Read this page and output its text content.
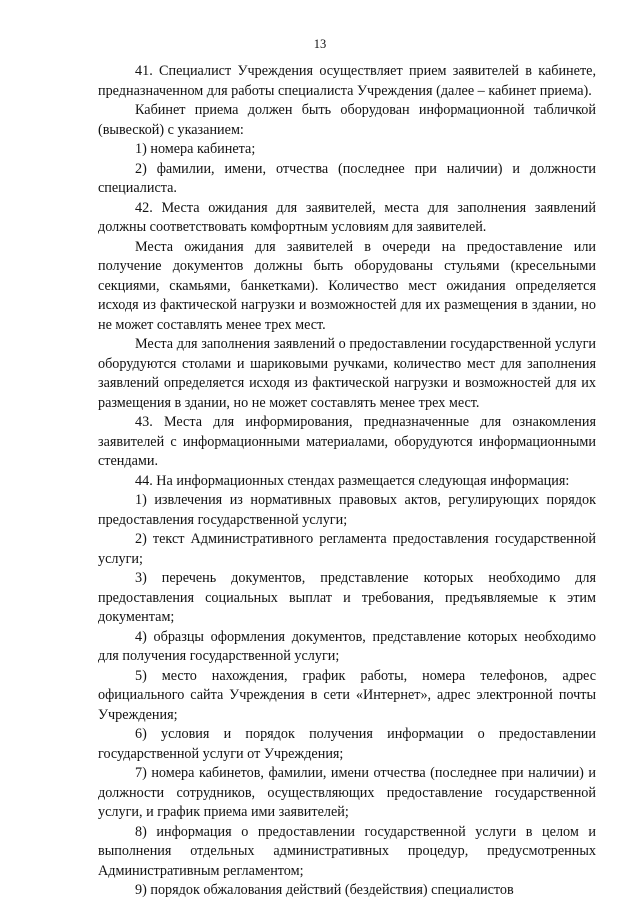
13

41. Специалист Учреждения осуществляет прием заявителей в кабинете, предназначенном для работы специалиста Учреждения (далее – кабинет приема).

Кабинет приема должен быть оборудован информационной табличкой (вывеской) с указанием:

1) номера кабинета;

2) фамилии, имени, отчества (последнее при наличии) и должности специалиста.

42. Места ожидания для заявителей, места для заполнения заявлений должны соответствовать комфортным условиям для заявителей.

Места ожидания для заявителей в очереди на предоставление или получение документов должны быть оборудованы стульями (кресельными секциями, скамьями, банкетками). Количество мест ожидания определяется исходя из фактической нагрузки и возможностей для их размещения в здании, но не может составлять менее трех мест.

Места для заполнения заявлений о предоставлении государственной услуги оборудуются столами и шариковыми ручками, количество мест для заполнения заявлений определяется исходя из фактической нагрузки и возможностей для их размещения в здании, но не может составлять менее трех мест.

43. Места для информирования, предназначенные для ознакомления заявителей с информационными материалами, оборудуются информационными стендами.

44. На информационных стендах размещается следующая информация:

1) извлечения из нормативных правовых актов, регулирующих порядок предоставления государственной услуги;

2) текст Административного регламента предоставления государственной услуги;

3) перечень документов, представление которых необходимо для предоставления социальных выплат и требования, предъявляемые к этим документам;

4) образцы оформления документов, представление которых необходимо для получения государственной услуги;

5) место нахождения, график работы, номера телефонов, адрес официального сайта Учреждения в сети «Интернет», адрес электронной почты Учреждения;

6) условия и порядок получения информации о предоставлении государственной услуги от Учреждения;

7) номера кабинетов, фамилии, имени отчества (последнее при наличии) и должности сотрудников, осуществляющих предоставление государственной услуги, и график приема ими заявителей;

8) информация о предоставлении государственной услуги в целом и выполнения отдельных административных процедур, предусмотренных Административным регламентом;

9) порядок обжалования действий (бездействия) специалистов
